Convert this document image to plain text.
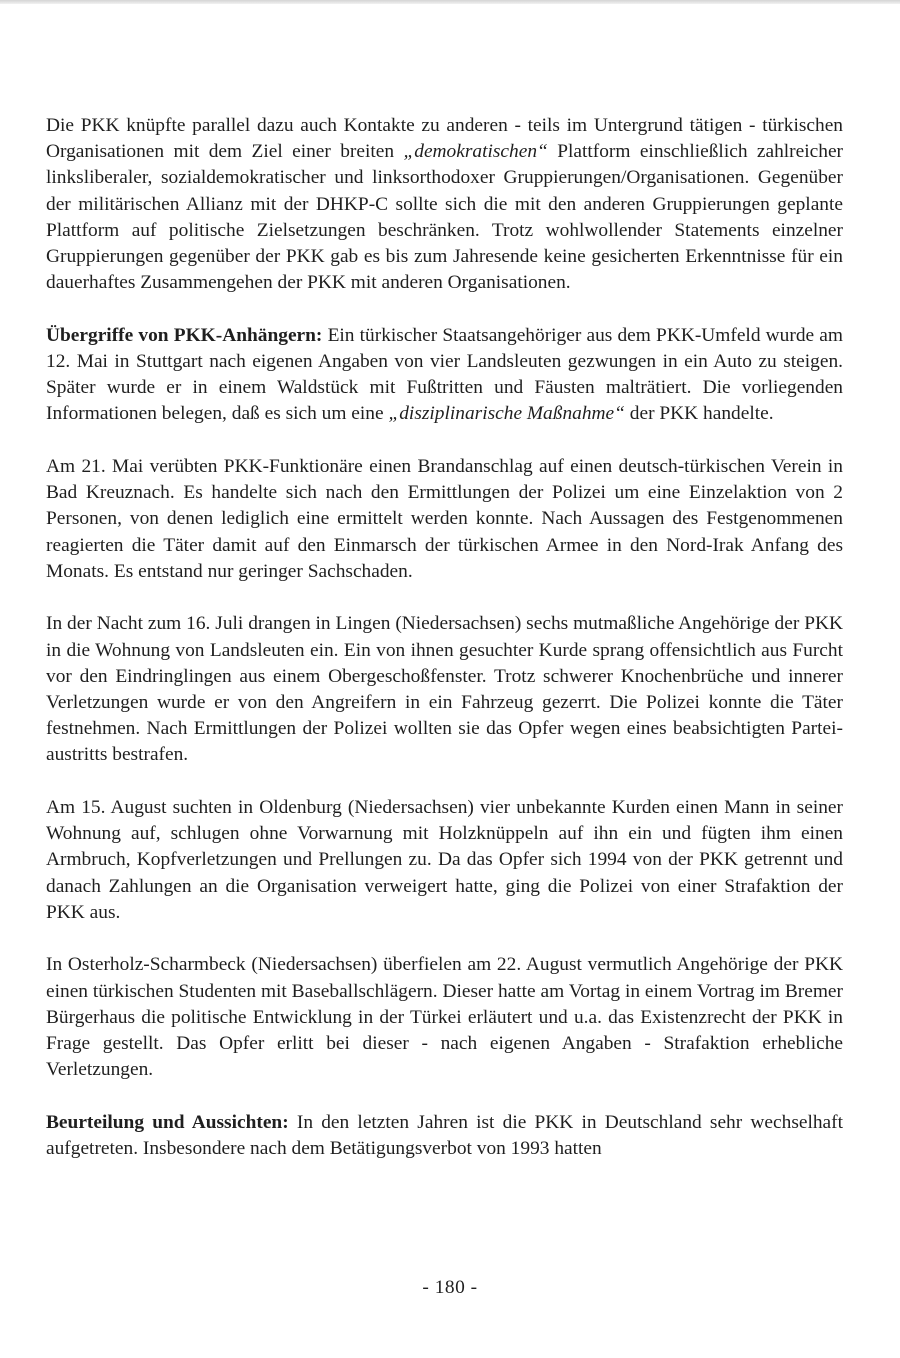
Die PKK knüpfte parallel dazu auch Kontakte zu anderen - teils im Untergrund tätigen - türkischen Organisationen mit dem Ziel einer breiten „demokratischen“ Plattform einschließlich zahlreicher linksliberaler, sozialdemokratischer und linksorthodoxer Gruppierungen/Organisationen. Gegenüber der militärischen Allianz mit der DHKP-C sollte sich die mit den anderen Gruppierungen geplante Plattform auf politische Zielsetzungen beschränken. Trotz wohlwollender Statements einzelner Gruppierungen gegenüber der PKK gab es bis zum Jahresende keine gesicherten Erkenntnisse für ein dauerhaftes Zusammengehen der PKK mit anderen Organisationen.

Übergriffe von PKK-Anhängern: Ein türkischer Staatsangehöriger aus dem PKK-Umfeld wurde am 12. Mai in Stuttgart nach eigenen Angaben von vier Landsleuten gezwungen in ein Auto zu steigen. Später wurde er in einem Waldstück mit Fußtritten und Fäusten malträtiert. Die vorliegenden Informationen belegen, daß es sich um eine „disziplinarische Maßnahme“ der PKK handelte.

Am 21. Mai verübten PKK-Funktionäre einen Brandanschlag auf einen deutsch-türkischen Verein in Bad Kreuznach. Es handelte sich nach den Ermittlungen der Polizei um eine Einzelaktion von 2 Personen, von denen lediglich eine ermittelt werden konnte. Nach Aussagen des Festgenommenen reagierten die Täter damit auf den Einmarsch der türkischen Armee in den Nord-Irak Anfang des Monats. Es entstand nur geringer Sachschaden.

In der Nacht zum 16. Juli drangen in Lingen (Niedersachsen) sechs mutmaßliche Angehörige der PKK in die Wohnung von Landsleuten ein. Ein von ihnen gesuchter Kurde sprang offensichtlich aus Furcht vor den Eindringlingen aus einem Obergeschoßfenster. Trotz schwerer Knochenbrüche und innerer Verletzungen wurde er von den Angreifern in ein Fahrzeug gezerrt. Die Polizei konnte die Täter festnehmen. Nach Ermittlungen der Polizei wollten sie das Opfer wegen eines beabsichtigten Parteiaustritts bestrafen.

Am 15. August suchten in Oldenburg (Niedersachsen) vier unbekannte Kurden einen Mann in seiner Wohnung auf, schlugen ohne Vorwarnung mit Holzknüppeln auf ihn ein und fügten ihm einen Armbruch, Kopfverletzungen und Prellungen zu. Da das Opfer sich 1994 von der PKK getrennt und danach Zahlungen an die Organisation verweigert hatte, ging die Polizei von einer Strafaktion der PKK aus.

In Osterholz-Scharmbeck (Niedersachsen) überfielen am 22. August vermutlich Angehörige der PKK einen türkischen Studenten mit Baseballschlägern. Dieser hatte am Vortag in einem Vortrag im Bremer Bürgerhaus die politische Entwicklung in der Türkei erläutert und u.a. das Existenzrecht der PKK in Frage gestellt. Das Opfer erlitt bei dieser - nach eigenen Angaben - Strafaktion erhebliche Verletzungen.

Beurteilung und Aussichten: In den letzten Jahren ist die PKK in Deutschland sehr wechselhaft aufgetreten. Insbesondere nach dem Betätigungsverbot von 1993 hatten

- 180 -
